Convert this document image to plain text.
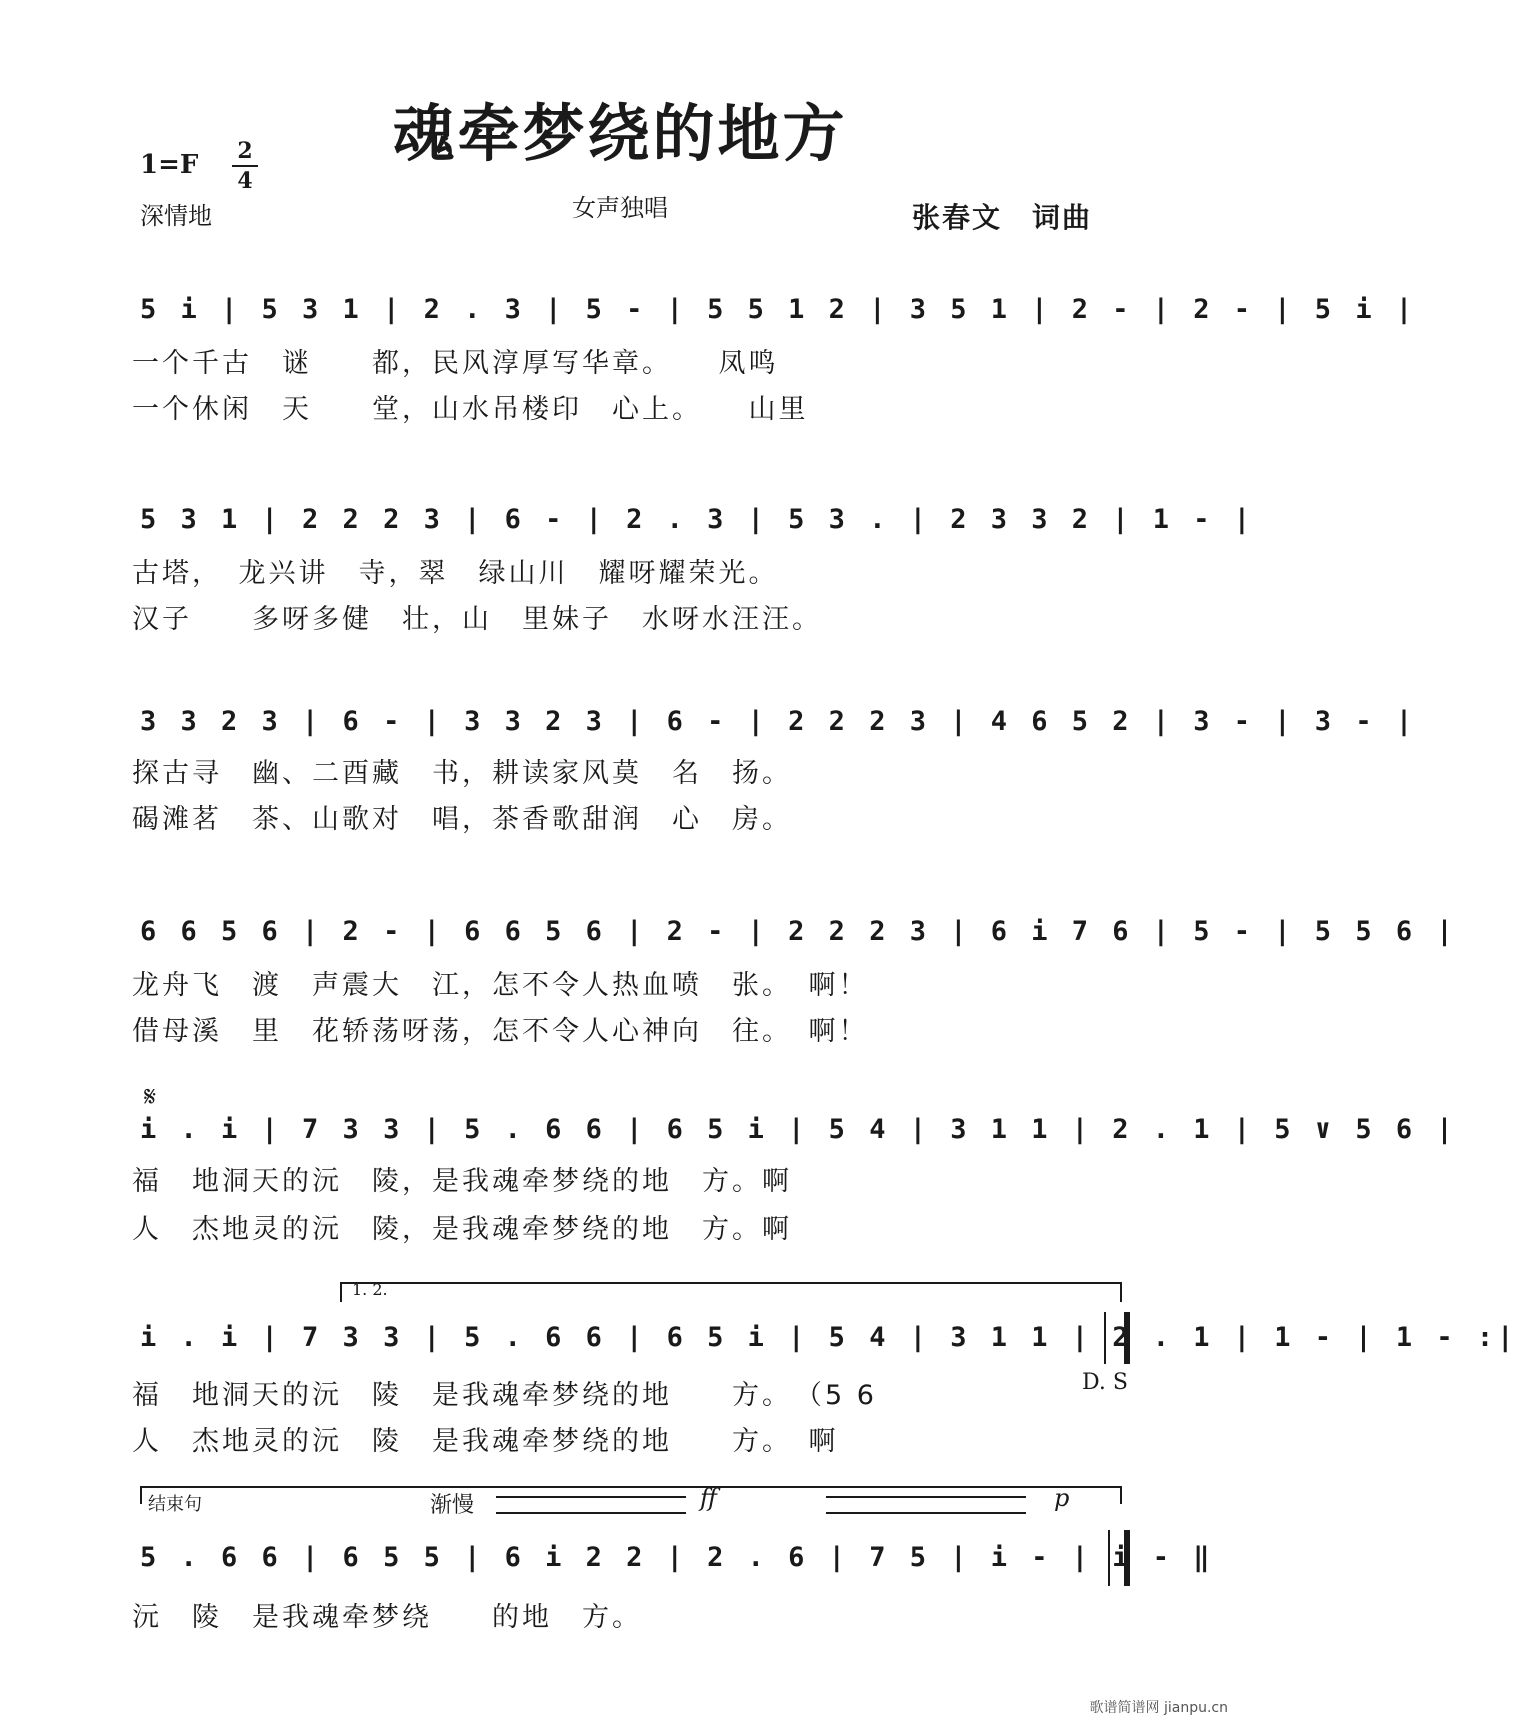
魂牵梦绕的地方
1=F 2
4
深情地	女声独唱	张春文　词曲
5 i | 5 3 1 | 2 . 3 | 5 - | 5 5 1 2 | 3 5 1 | 2 - | 2 - | 5 i |
一个千古　谜　　都，民风淳厚写华章。　　凤鸣
一个休闲　天　　堂，山水吊楼印　心上。　　山里
5 3 1 | 2 2 2 3 | 6 - | 2 . 3 | 5 3 . | 2 3 3 2 | 1 - |
古塔，　龙兴讲　寺，翠　绿山川　耀呀耀荣光。
汉子　　多呀多健　壮，山　里妹子　水呀水汪汪。
3 3 2 3 | 6 - | 3 3 2 3 | 6 - | 2 2 2 3 | 4 6 5 2 | 3 - | 3 - |
探古寻　幽、二酉藏　书，耕读家风莫　名　扬。
碣滩茗　茶、山歌对　唱，茶香歌甜润　心　房。
6 6 5 6 | 2 - | 6 6 5 6 | 2 - | 2 2 2 3 | 6 i 7 6 | 5 - | 5 5 6 |
龙舟飞　渡　声震大　江，怎不令人热血喷　张。　啊！
借母溪　里　花轿荡呀荡，怎不令人心神向　往。　啊！
𝄋
i . i | 7 3 3 | 5 . 6 6 | 6 5 i | 5 4 | 3 1 1 | 2 . 1 | 5 ∨ 5 6 |
福　地洞天的沅　陵，是我魂牵梦绕的地　方。啊
人　杰地灵的沅　陵，是我魂牵梦绕的地　方。啊
1. 2.
i . i | 7 3 3 | 5 . 6 6 | 6 5 i | 5 4 | 3 1 1 | 2 . 1 | 1 - | 1 - :|
D. S
福　地洞天的沅　陵　是我魂牵梦绕的地　　方。　（5 6
人　杰地灵的沅　陵　是我魂牵梦绕的地　　方。　啊
结束句	渐慢	ff	p
5 . 6 6 | 6 5 5 | 6 i 2 2 | 2 . 6 | 7 5 | i - | i - ‖
沅　陵　是我魂牵梦绕　　的地　方。
歌谱简谱网 jianpu.cn
